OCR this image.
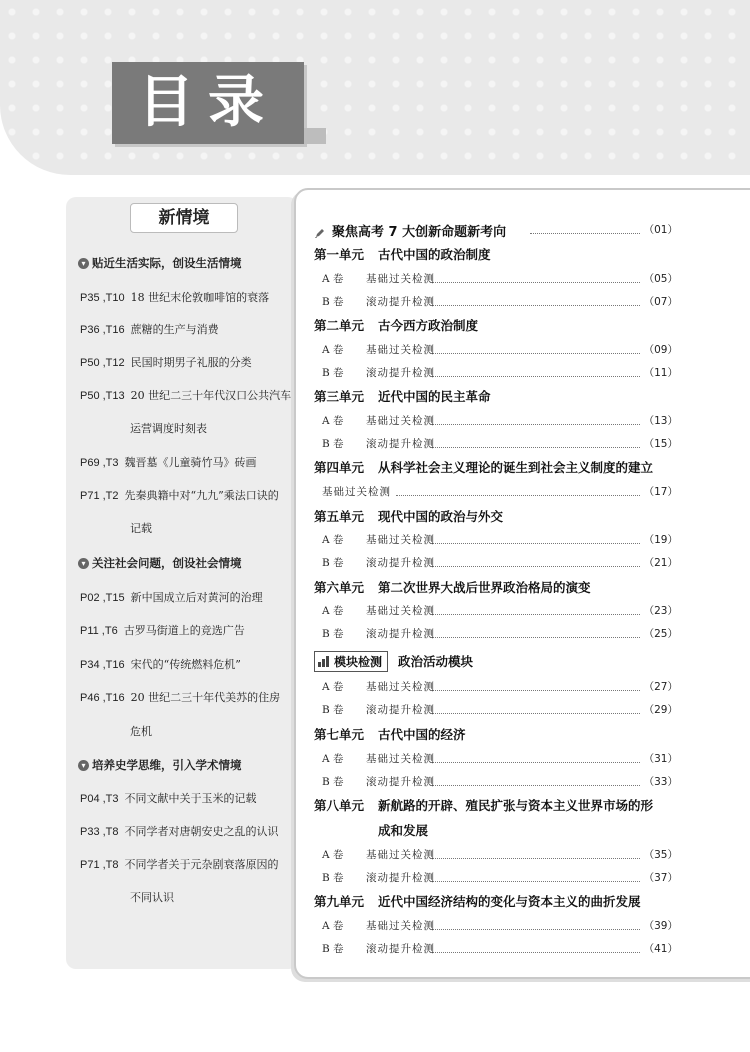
目录
新情境
▾ 贴近生活实际，创设生活情境
P35 ,T10 18 世纪末伦敦咖啡馆的衰落
P36 ,T16 蔗糖的生产与消费
P50 ,T12 民国时期男子礼服的分类
P50 ,T13 20 世纪二三十年代汉口公共汽车
运营调度时刻表
P69 ,T3 魏晋墓《儿童骑竹马》砖画
P71 ,T2 先秦典籍中对“九九”乘法口诀的
记载
▾ 关注社会问题，创设社会情境
P02 ,T15 新中国成立后对黄河的治理
P11 ,T6 古罗马街道上的竞选广告
P34 ,T16 宋代的“传统燃料危机”
P46 ,T16 20 世纪二三十年代美苏的住房
危机
▾ 培养史学思维，引入学术情境
P04 ,T3 不同文献中关于玉米的记载
P33 ,T8 不同学者对唐朝安史之乱的认识
P71 ,T8 不同学者关于元杂剧衰落原因的
不同认识
聚焦高考 7 大创新命题新考向	（01）
第一单元 古代中国的政治制度
A 卷 基础过关检测	（05）
B 卷 滚动提升检测	（07）
第二单元 古今西方政治制度
A 卷 基础过关检测	（09）
B 卷 滚动提升检测	（11）
第三单元 近代中国的民主革命
A 卷 基础过关检测	（13）
B 卷 滚动提升检测	（15）
第四单元 从科学社会主义理论的诞生到社会主义制度的建立
基础过关检测	（17）
第五单元 现代中国的政治与外交
A 卷 基础过关检测	（19）
B 卷 滚动提升检测	（21）
第六单元 第二次世界大战后世界政治格局的演变
A 卷 基础过关检测	（23）
B 卷 滚动提升检测	（25）
模块检测 政治活动模块
A 卷 基础过关检测	（27）
B 卷 滚动提升检测	（29）
第七单元 古代中国的经济
A 卷 基础过关检测	（31）
B 卷 滚动提升检测	（33）
第八单元 新航路的开辟、殖民扩张与资本主义世界市场的形
成和发展
A 卷 基础过关检测	（35）
B 卷 滚动提升检测	（37）
第九单元 近代中国经济结构的变化与资本主义的曲折发展
A 卷 基础过关检测	（39）
B 卷 滚动提升检测	（41）
